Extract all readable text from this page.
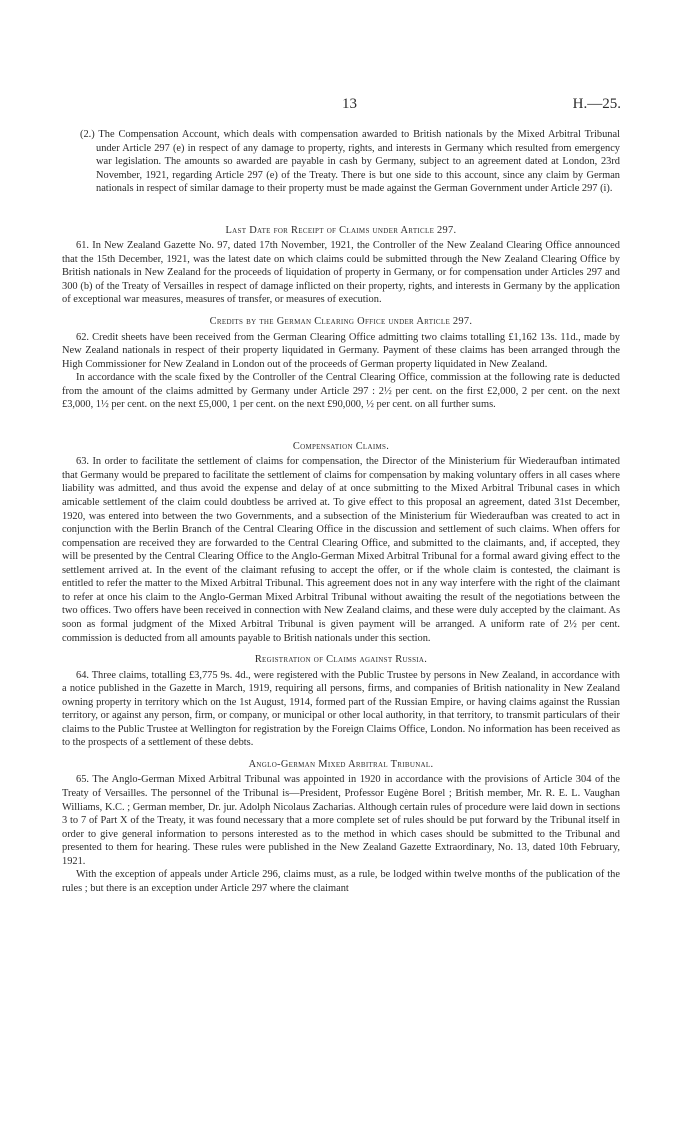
13	H.—25.

(2.) The Compensation Account, which deals with compensation awarded to British nationals by the Mixed Arbitral Tribunal under Article 297 (e) in respect of any damage to property, rights, and interests in Germany which resulted from emergency war legislation. The amounts so awarded are payable in cash by Germany, subject to an agreement dated at London, 23rd November, 1921, regarding Article 297 (e) of the Treaty. There is but one side to this account, since any claim by German nationals in respect of similar damage to their property must be made against the German Government under Article 297 (i).

Last Date for Receipt of Claims under Article 297.

61. In New Zealand Gazette No. 97, dated 17th November, 1921, the Controller of the New Zealand Clearing Office announced that the 15th December, 1921, was the latest date on which claims could be submitted through the New Zealand Clearing Office by British nationals in New Zealand for the proceeds of liquidation of property in Germany, or for compensation under Articles 297 and 300 (b) of the Treaty of Versailles in respect of damage inflicted on their property, rights, and interests in Germany by the application of exceptional war measures, measures of transfer, or measures of execution.

Credits by the German Clearing Office under Article 297.

62. Credit sheets have been received from the German Clearing Office admitting two claims totalling £1,162 13s. 11d., made by New Zealand nationals in respect of their property liquidated in Germany. Payment of these claims has been arranged through the High Commissioner for New Zealand in London out of the proceeds of German property liquidated in New Zealand.

In accordance with the scale fixed by the Controller of the Central Clearing Office, commission at the following rate is deducted from the amount of the claims admitted by Germany under Article 297 : 2½ per cent. on the first £2,000, 2 per cent. on the next £3,000, 1½ per cent. on the next £5,000, 1 per cent. on the next £90,000, ½ per cent. on all further sums.

Compensation Claims.

63. In order to facilitate the settlement of claims for compensation, the Director of the Ministerium für Wiederaufban intimated that Germany would be prepared to facilitate the settlement of claims for compensation by making voluntary offers in all cases where liability was admitted, and thus avoid the expense and delay of at once submitting to the Mixed Arbitral Tribunal cases in which amicable settlement of the claim could doubtless be arrived at. To give effect to this proposal an agreement, dated 31st December, 1920, was entered into between the two Governments, and a subsection of the Ministerium für Wiederaufban was created to act in conjunction with the Berlin Branch of the Central Clearing Office in the discussion and settlement of such claims. When offers for compensation are received they are forwarded to the Central Clearing Office, and submitted to the claimants, and, if accepted, they will be presented by the Central Clearing Office to the Anglo-German Mixed Arbitral Tribunal for a formal award giving effect to the settlement arrived at. In the event of the claimant refusing to accept the offer, or if the whole claim is contested, the claimant is entitled to refer the matter to the Mixed Arbitral Tribunal. This agreement does not in any way interfere with the right of the claimant to refer at once his claim to the Anglo-German Mixed Arbitral Tribunal without awaiting the result of the negotiations between the two offices. Two offers have been received in connection with New Zealand claims, and these were duly accepted by the claimant. As soon as formal judgment of the Mixed Arbitral Tribunal is given payment will be arranged. A uniform rate of 2½ per cent. commission is deducted from all amounts payable to British nationals under this section.

Registration of Claims against Russia.

64. Three claims, totalling £3,775 9s. 4d., were registered with the Public Trustee by persons in New Zealand, in accordance with a notice published in the Gazette in March, 1919, requiring all persons, firms, and companies of British nationality in New Zealand owning property in territory which on the 1st August, 1914, formed part of the Russian Empire, or having claims against the Russian territory, or against any person, firm, or company, or municipal or other local authority, in that territory, to transmit particulars of their claims to the Public Trustee at Wellington for registration by the Foreign Claims Office, London. No information has been received as to the prospects of a settlement of these debts.

Anglo-German Mixed Arbitral Tribunal.

65. The Anglo-German Mixed Arbitral Tribunal was appointed in 1920 in accordance with the provisions of Article 304 of the Treaty of Versailles. The personnel of the Tribunal is—President, Professor Eugène Borel ; British member, Mr. R. E. L. Vaughan Williams, K.C. ; German member, Dr. jur. Adolph Nicolaus Zacharias. Although certain rules of procedure were laid down in sections 3 to 7 of Part X of the Treaty, it was found necessary that a more complete set of rules should be put forward by the Tribunal itself in order to give general information to persons interested as to the method in which cases should be submitted to the Tribunal and presented to them for hearing. These rules were published in the New Zealand Gazette Extraordinary, No. 13, dated 10th February, 1921.

With the exception of appeals under Article 296, claims must, as a rule, be lodged within twelve months of the publication of the rules ; but there is an exception under Article 297 where the claimant
